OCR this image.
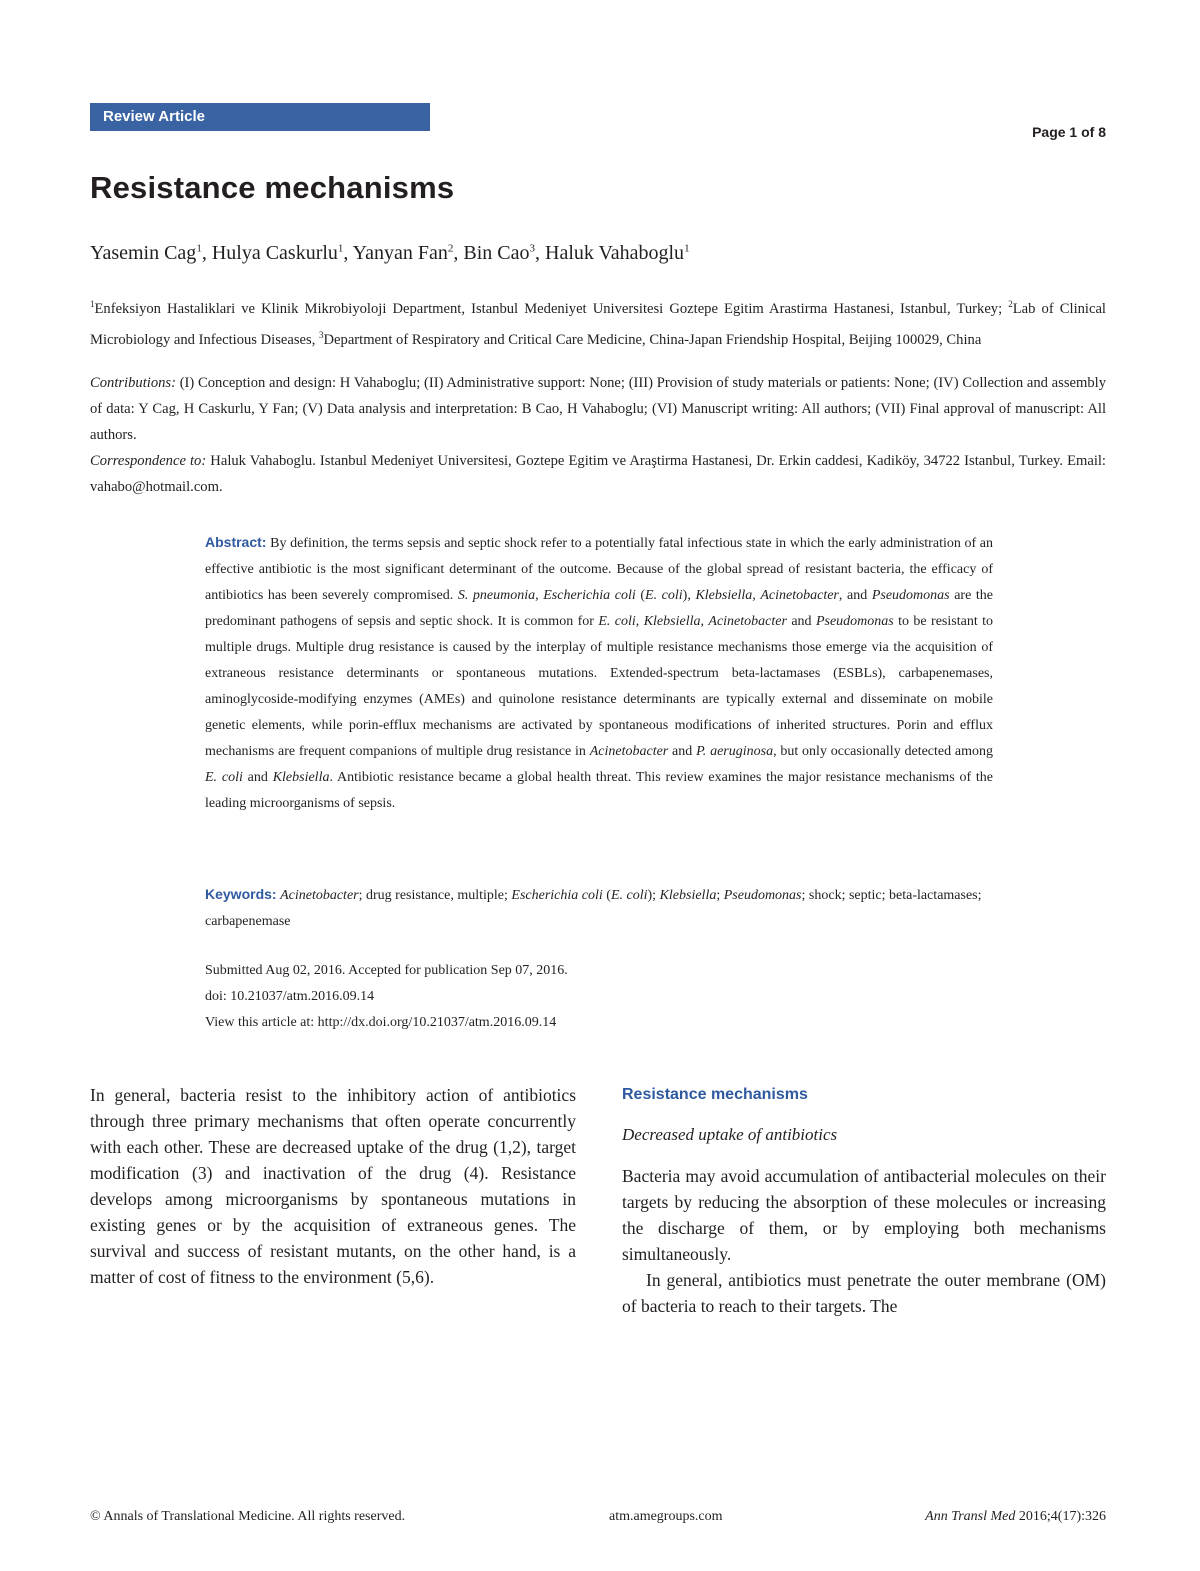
Review Article
Page 1 of 8
Resistance mechanisms
Yasemin Cag$^1$, Hulya Caskurlu$^1$, Yanyan Fan$^2$, Bin Cao$^3$, Haluk Vahaboglu$^1$
$^1$Enfeksiyon Hastaliklari ve Klinik Mikrobiyoloji Department, Istanbul Medeniyet Universitesi Goztepe Egitim Arastirma Hastanesi, Istanbul, Turkey; $^2$Lab of Clinical Microbiology and Infectious Diseases, $^3$Department of Respiratory and Critical Care Medicine, China-Japan Friendship Hospital, Beijing 100029, China
Contributions: (I) Conception and design: H Vahaboglu; (II) Administrative support: None; (III) Provision of study materials or patients: None; (IV) Collection and assembly of data: Y Cag, H Caskurlu, Y Fan; (V) Data analysis and interpretation: B Cao, H Vahaboglu; (VI) Manuscript writing: All authors; (VII) Final approval of manuscript: All authors.
Correspondence to: Haluk Vahaboglu. Istanbul Medeniyet Universitesi, Goztepe Egitim ve Araştirma Hastanesi, Dr. Erkin caddesi, Kadiköy, 34722 Istanbul, Turkey. Email: vahabo@hotmail.com.
Abstract: By definition, the terms sepsis and septic shock refer to a potentially fatal infectious state in which the early administration of an effective antibiotic is the most significant determinant of the outcome. Because of the global spread of resistant bacteria, the efficacy of antibiotics has been severely compromised. S. pneumonia, Escherichia coli (E. coli), Klebsiella, Acinetobacter, and Pseudomonas are the predominant pathogens of sepsis and septic shock. It is common for E. coli, Klebsiella, Acinetobacter and Pseudomonas to be resistant to multiple drugs. Multiple drug resistance is caused by the interplay of multiple resistance mechanisms those emerge via the acquisition of extraneous resistance determinants or spontaneous mutations. Extended-spectrum beta-lactamases (ESBLs), carbapenemases, aminoglycoside-modifying enzymes (AMEs) and quinolone resistance determinants are typically external and disseminate on mobile genetic elements, while porin-efflux mechanisms are activated by spontaneous modifications of inherited structures. Porin and efflux mechanisms are frequent companions of multiple drug resistance in Acinetobacter and P. aeruginosa, but only occasionally detected among E. coli and Klebsiella. Antibiotic resistance became a global health threat. This review examines the major resistance mechanisms of the leading microorganisms of sepsis.
Keywords: Acinetobacter; drug resistance, multiple; Escherichia coli (E. coli); Klebsiella; Pseudomonas; shock; septic; beta-lactamases; carbapenemase
Submitted Aug 02, 2016. Accepted for publication Sep 07, 2016.
doi: 10.21037/atm.2016.09.14
View this article at: http://dx.doi.org/10.21037/atm.2016.09.14
In general, bacteria resist to the inhibitory action of antibiotics through three primary mechanisms that often operate concurrently with each other. These are decreased uptake of the drug (1,2), target modification (3) and inactivation of the drug (4). Resistance develops among microorganisms by spontaneous mutations in existing genes or by the acquisition of extraneous genes. The survival and success of resistant mutants, on the other hand, is a matter of cost of fitness to the environment (5,6).
Resistance mechanisms
Decreased uptake of antibiotics
Bacteria may avoid accumulation of antibacterial molecules on their targets by reducing the absorption of these molecules or increasing the discharge of them, or by employing both mechanisms simultaneously.
In general, antibiotics must penetrate the outer membrane (OM) of bacteria to reach to their targets. The
© Annals of Translational Medicine. All rights reserved.	atm.amegroups.com	Ann Transl Med 2016;4(17):326
